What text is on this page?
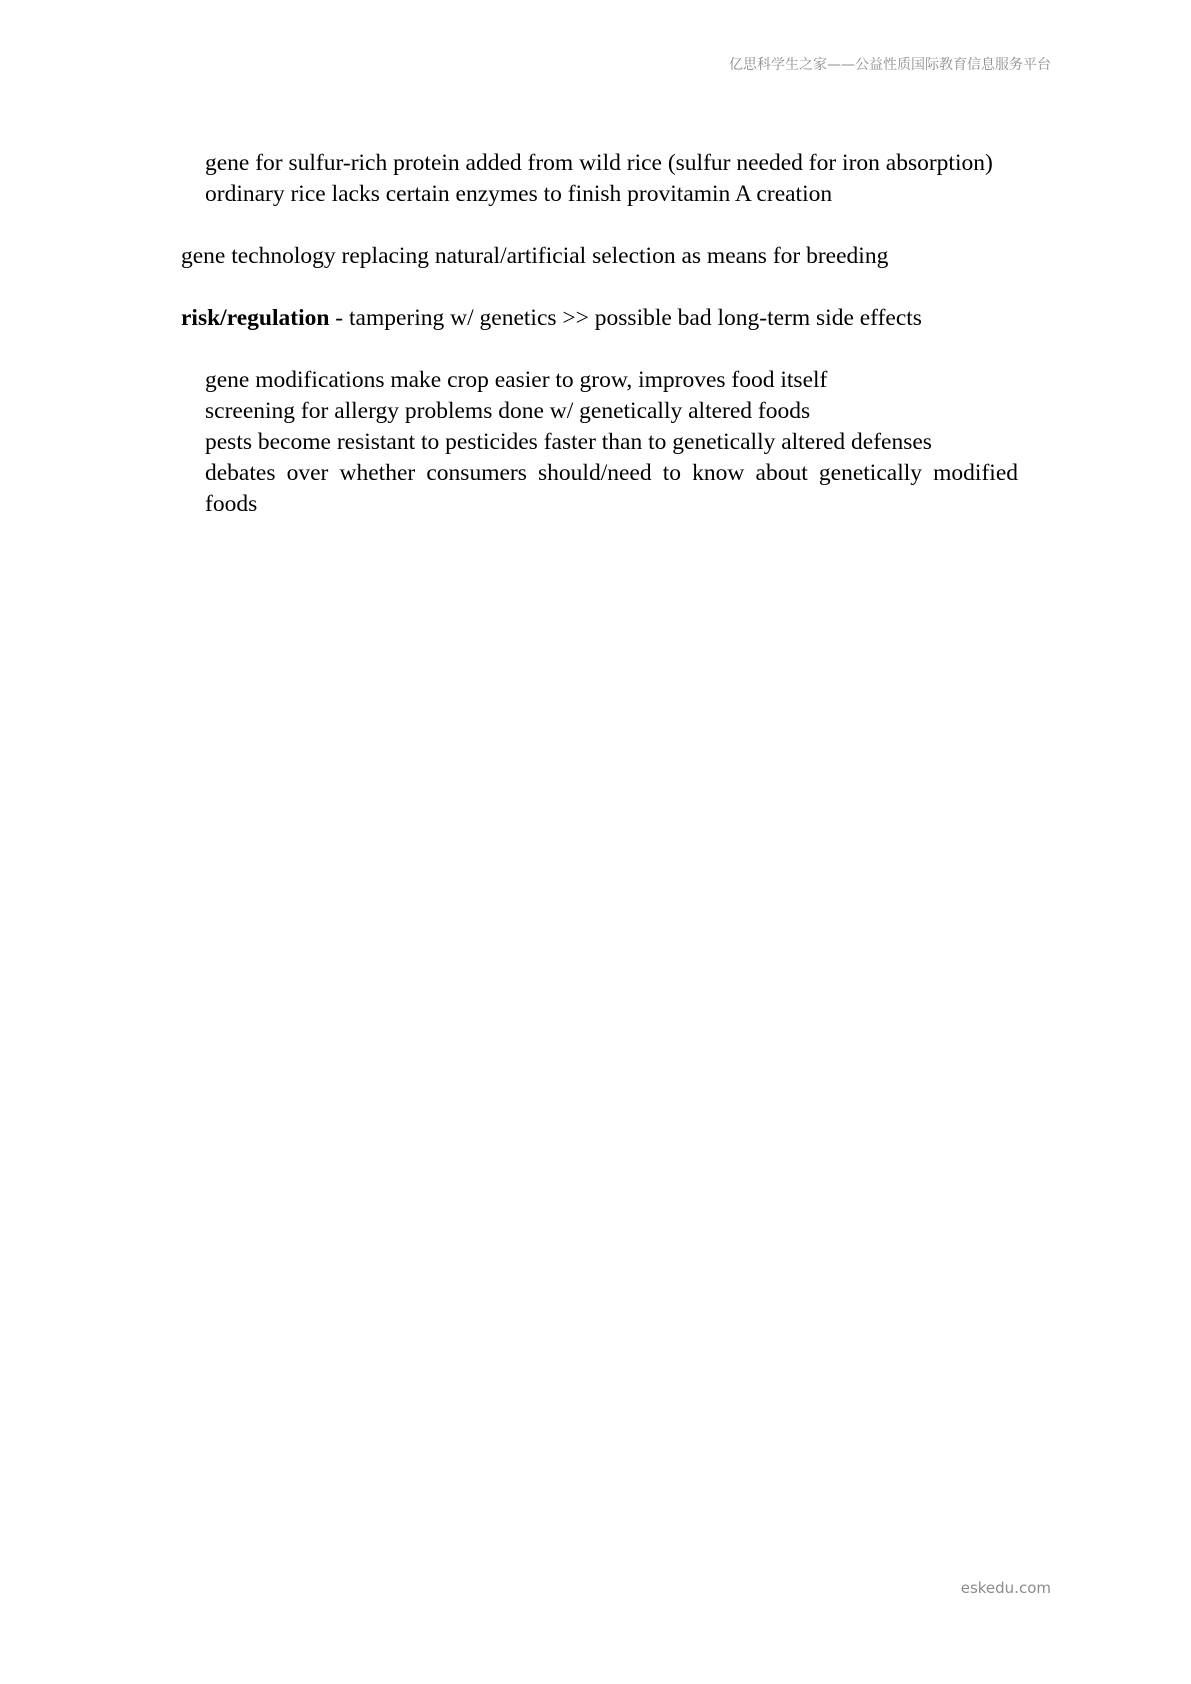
亿思科学生之家——公益性质国际教育信息服务平台
gene for sulfur-rich protein added from wild rice (sulfur needed for iron absorption)
ordinary rice lacks certain enzymes to finish provitamin A creation
gene technology replacing natural/artificial selection as means for breeding
risk/regulation - tampering w/ genetics >> possible bad long-term side effects
gene modifications make crop easier to grow, improves food itself
screening for allergy problems done w/ genetically altered foods
pests become resistant to pesticides faster than to genetically altered defenses
debates over whether consumers should/need to know about genetically modified foods
eskedu.com
